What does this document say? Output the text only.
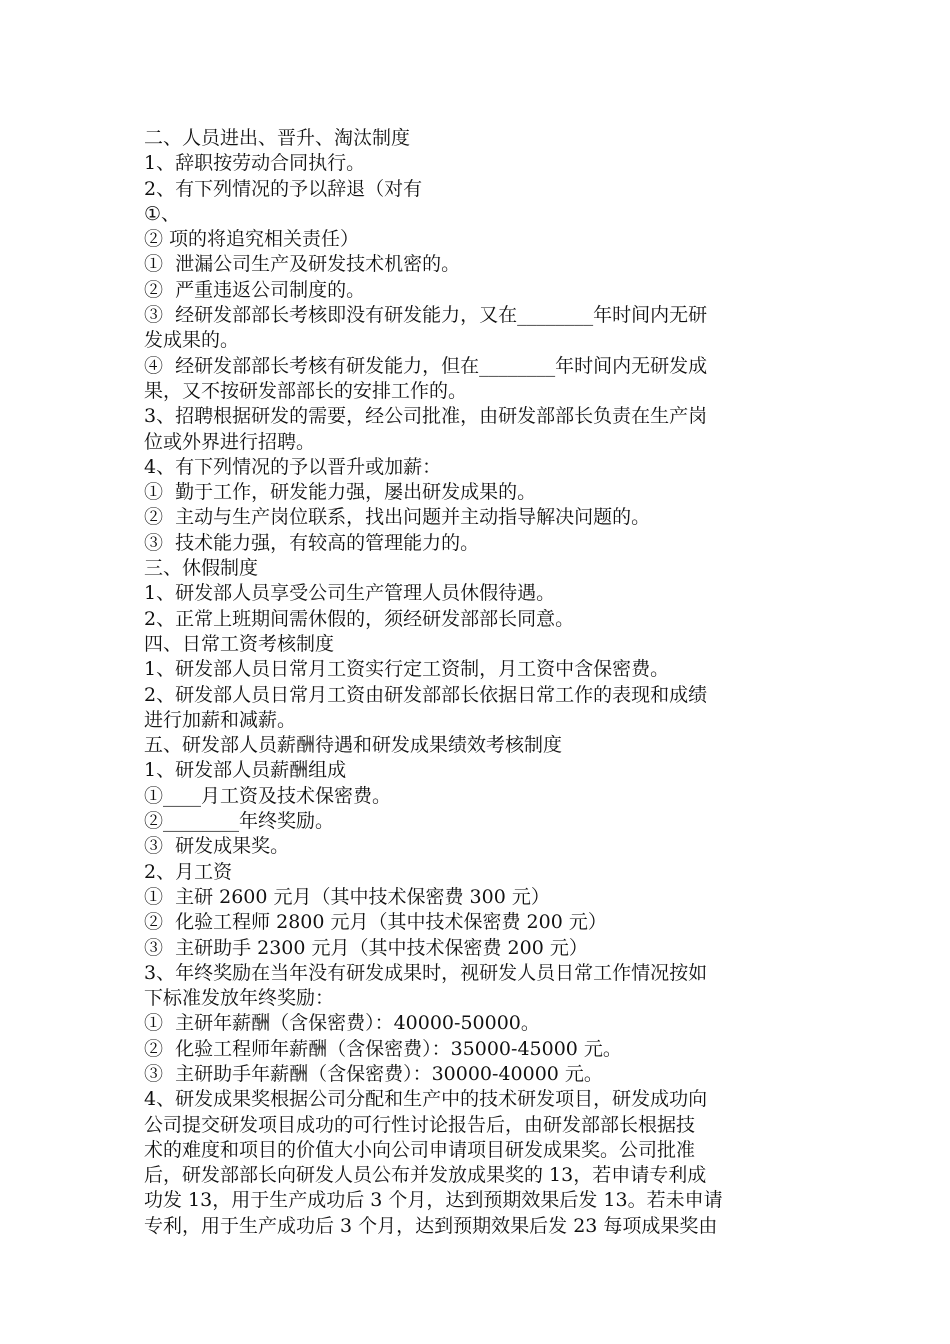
二、人员进出、晋升、淘汰制度
1、辞职按劳动合同执行。
2、有下列情况的予以辞退（对有
①、
② 项的将追究相关责任）
①  泄漏公司生产及研发技术机密的。
②  严重违返公司制度的。
③  经研发部部长考核即没有研发能力，又在________年时间内无研
发成果的。
④  经研发部部长考核有研发能力，但在________年时间内无研发成
果，又不按研发部部长的安排工作的。
3、招聘根据研发的需要，经公司批准，由研发部部长负责在生产岗
位或外界进行招聘。
4、有下列情况的予以晋升或加薪：
①  勤于工作，研发能力强，屡出研发成果的。
②  主动与生产岗位联系，找出问题并主动指导解决问题的。
③  技术能力强，有较高的管理能力的。
三、休假制度
1、研发部人员享受公司生产管理人员休假待遇。
2、正常上班期间需休假的，须经研发部部长同意。
四、日常工资考核制度
1、研发部人员日常月工资实行定工资制，月工资中含保密费。
2、研发部人员日常月工资由研发部部长依据日常工作的表现和成绩
进行加薪和减薪。
五、研发部人员薪酬待遇和研发成果绩效考核制度
1、研发部人员薪酬组成
①____月工资及技术保密费。
②________年终奖励。
③  研发成果奖。
2、月工资
①  主研 2600 元月（其中技术保密费 300 元）
②  化验工程师 2800 元月（其中技术保密费 200 元）
③  主研助手 2300 元月（其中技术保密费 200 元）
3、年终奖励在当年没有研发成果时，视研发人员日常工作情况按如
下标准发放年终奖励：
①  主研年薪酬（含保密费）：40000-50000。
②  化验工程师年薪酬（含保密费）：35000-45000 元。
③  主研助手年薪酬（含保密费）：30000-40000 元。
4、研发成果奖根据公司分配和生产中的技术研发项目，研发成功向
公司提交研发项目成功的可行性讨论报告后，由研发部部长根据技
术的难度和项目的价值大小向公司申请项目研发成果奖。公司批准
后，研发部部长向研发人员公布并发放成果奖的 13，若申请专利成
功发 13，用于生产成功后 3 个月，达到预期效果后发 13。若未申请
专利，用于生产成功后 3 个月，达到预期效果后发 23 每项成果奖由
